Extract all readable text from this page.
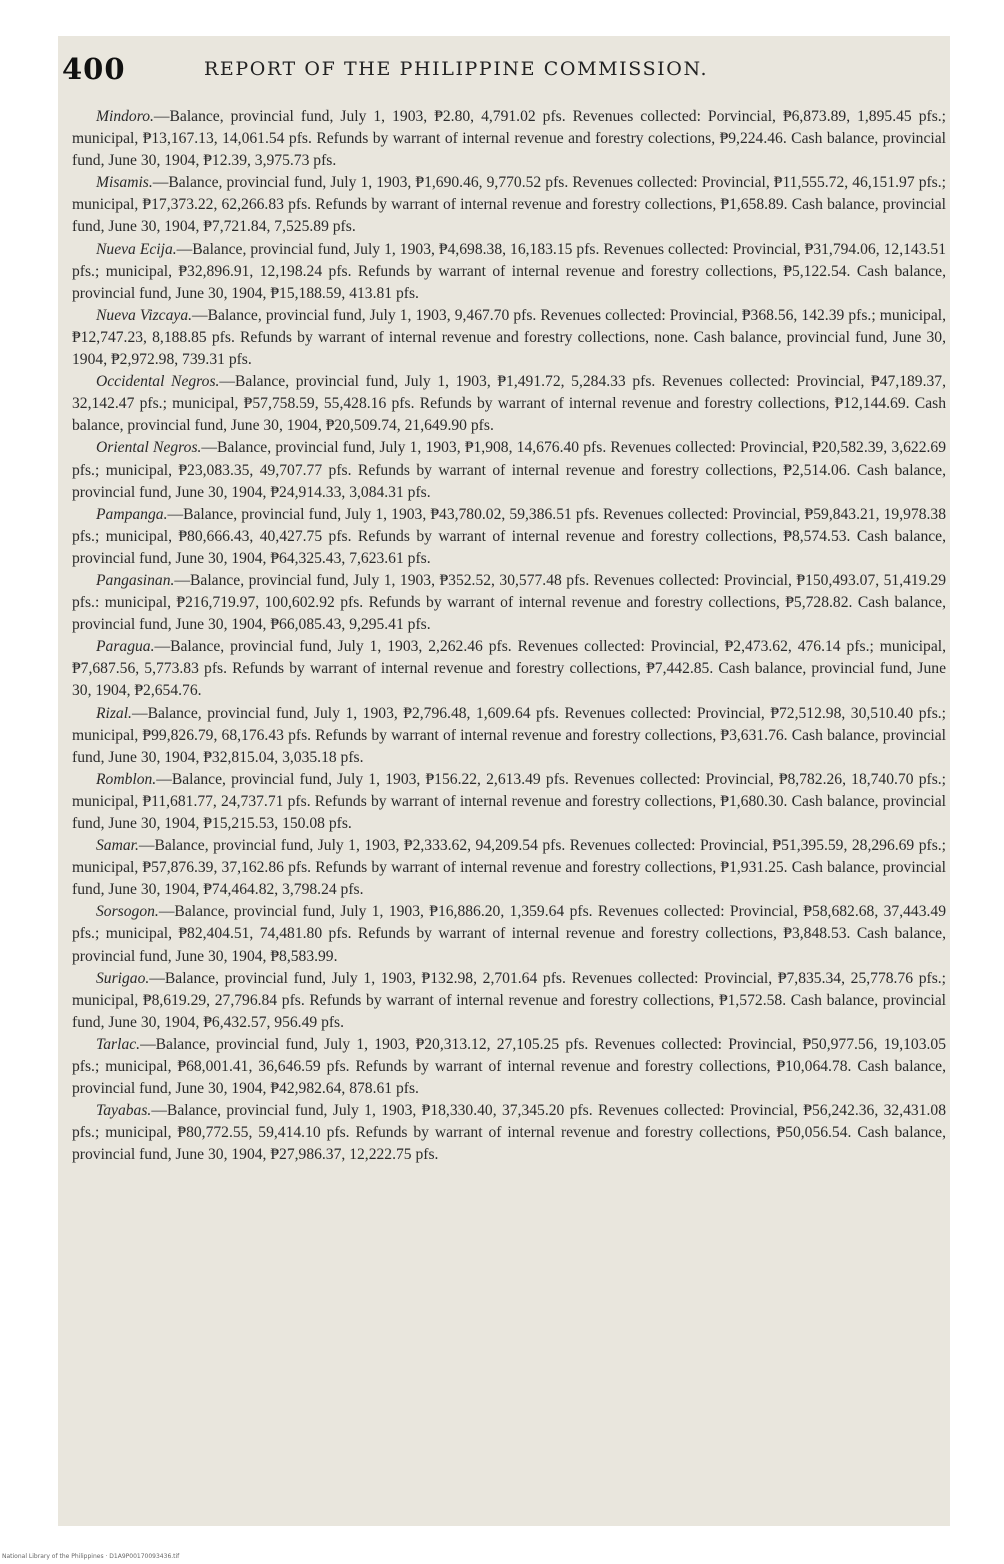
400	REPORT OF THE PHILIPPINE COMMISSION.

Mindoro.—Balance, provincial fund, July 1, 1903, ₱2.80, 4,791.02 pfs. Revenues collected: Porvincial, ₱6,873.89, 1,895.45 pfs.; municipal, ₱13,167.13, 14,061.54 pfs. Refunds by warrant of internal revenue and forestry colections, ₱9,224.46. Cash balance, provincial fund, June 30, 1904, ₱12.39, 3,975.73 pfs.

Misamis.—Balance, provincial fund, July 1, 1903, ₱1,690.46, 9,770.52 pfs. Revenues collected: Provincial, ₱11,555.72, 46,151.97 pfs.; municipal, ₱17,373.22, 62,266.83 pfs. Refunds by warrant of internal revenue and forestry collections, ₱1,658.89. Cash balance, provincial fund, June 30, 1904, ₱7,721.84, 7,525.89 pfs.

Nueva Ecija.—Balance, provincial fund, July 1, 1903, ₱4,698.38, 16,183.15 pfs. Revenues collected: Provincial, ₱31,794.06, 12,143.51 pfs.; municipal, ₱32,896.91, 12,198.24 pfs. Refunds by warrant of internal revenue and forestry collections, ₱5,122.54. Cash balance, provincial fund, June 30, 1904, ₱15,188.59, 413.81 pfs.

Nueva Vizcaya.—Balance, provincial fund, July 1, 1903, 9,467.70 pfs. Revenues collected: Provincial, ₱368.56, 142.39 pfs.; municipal, ₱12,747.23, 8,188.85 pfs. Refunds by warrant of internal revenue and forestry collections, none. Cash balance, provincial fund, June 30, 1904, ₱2,972.98, 739.31 pfs.

Occidental Negros.—Balance, provincial fund, July 1, 1903, ₱1,491.72, 5,284.33 pfs. Revenues collected: Provincial, ₱47,189.37, 32,142.47 pfs.; municipal, ₱57,758.59, 55,428.16 pfs. Refunds by warrant of internal revenue and forestry collections, ₱12,144.69. Cash balance, provincial fund, June 30, 1904, ₱20,509.74, 21,649.90 pfs.

Oriental Negros.—Balance, provincial fund, July 1, 1903, ₱1,908, 14,676.40 pfs. Revenues collected: Provincial, ₱20,582.39, 3,622.69 pfs.; municipal, ₱23,083.35, 49,707.77 pfs. Refunds by warrant of internal revenue and forestry collections, ₱2,514.06. Cash balance, provincial fund, June 30, 1904, ₱24,914.33, 3,084.31 pfs.

Pampanga.—Balance, provincial fund, July 1, 1903, ₱43,780.02, 59,386.51 pfs. Revenues collected: Provincial, ₱59,843.21, 19,978.38 pfs.; municipal, ₱80,666.43, 40,427.75 pfs. Refunds by warrant of internal revenue and forestry collections, ₱8,574.53. Cash balance, provincial fund, June 30, 1904, ₱64,325.43, 7,623.61 pfs.

Pangasinan.—Balance, provincial fund, July 1, 1903, ₱352.52, 30,577.48 pfs. Revenues collected: Provincial, ₱150,493.07, 51,419.29 pfs.: municipal, ₱216,719.97, 100,602.92 pfs. Refunds by warrant of internal revenue and forestry collections, ₱5,728.82. Cash balance, provincial fund, June 30, 1904, ₱66,085.43, 9,295.41 pfs.

Paragua.—Balance, provincial fund, July 1, 1903, 2,262.46 pfs. Revenues collected: Provincial, ₱2,473.62, 476.14 pfs.; municipal, ₱7,687.56, 5,773.83 pfs. Refunds by warrant of internal revenue and forestry collections, ₱7,442.85. Cash balance, provincial fund, June 30, 1904, ₱2,654.76.

Rizal.—Balance, provincial fund, July 1, 1903, ₱2,796.48, 1,609.64 pfs. Revenues collected: Provincial, ₱72,512.98, 30,510.40 pfs.; municipal, ₱99,826.79, 68,176.43 pfs. Refunds by warrant of internal revenue and forestry collections, ₱3,631.76. Cash balance, provincial fund, June 30, 1904, ₱32,815.04, 3,035.18 pfs.

Romblon.—Balance, provincial fund, July 1, 1903, ₱156.22, 2,613.49 pfs. Revenues collected: Provincial, ₱8,782.26, 18,740.70 pfs.; municipal, ₱11,681.77, 24,737.71 pfs. Refunds by warrant of internal revenue and forestry collections, ₱1,680.30. Cash balance, provincial fund, June 30, 1904, ₱15,215.53, 150.08 pfs.

Samar.—Balance, provincial fund, July 1, 1903, ₱2,333.62, 94,209.54 pfs. Revenues collected: Provincial, ₱51,395.59, 28,296.69 pfs.; municipal, ₱57,876.39, 37,162.86 pfs. Refunds by warrant of internal revenue and forestry collections, ₱1,931.25. Cash balance, provincial fund, June 30, 1904, ₱74,464.82, 3,798.24 pfs.

Sorsogon.—Balance, provincial fund, July 1, 1903, ₱16,886.20, 1,359.64 pfs. Revenues collected: Provincial, ₱58,682.68, 37,443.49 pfs.; municipal, ₱82,404.51, 74,481.80 pfs. Refunds by warrant of internal revenue and forestry collections, ₱3,848.53. Cash balance, provincial fund, June 30, 1904, ₱8,583.99.

Surigao.—Balance, provincial fund, July 1, 1903, ₱132.98, 2,701.64 pfs. Revenues collected: Provincial, ₱7,835.34, 25,778.76 pfs.; municipal, ₱8,619.29, 27,796.84 pfs. Refunds by warrant of internal revenue and forestry collections, ₱1,572.58. Cash balance, provincial fund, June 30, 1904, ₱6,432.57, 956.49 pfs.

Tarlac.—Balance, provincial fund, July 1, 1903, ₱20,313.12, 27,105.25 pfs. Revenues collected: Provincial, ₱50,977.56, 19,103.05 pfs.; municipal, ₱68,001.41, 36,646.59 pfs. Refunds by warrant of internal revenue and forestry collections, ₱10,064.78. Cash balance, provincial fund, June 30, 1904, ₱42,982.64, 878.61 pfs.

Tayabas.—Balance, provincial fund, July 1, 1903, ₱18,330.40, 37,345.20 pfs. Revenues collected: Provincial, ₱56,242.36, 32,431.08 pfs.; municipal, ₱80,772.55, 59,414.10 pfs. Refunds by warrant of internal revenue and forestry collections, ₱50,056.54. Cash balance, provincial fund, June 30, 1904, ₱27,986.37, 12,222.75 pfs.

National Library of the Philippines · D1A9P00170093436.tif
